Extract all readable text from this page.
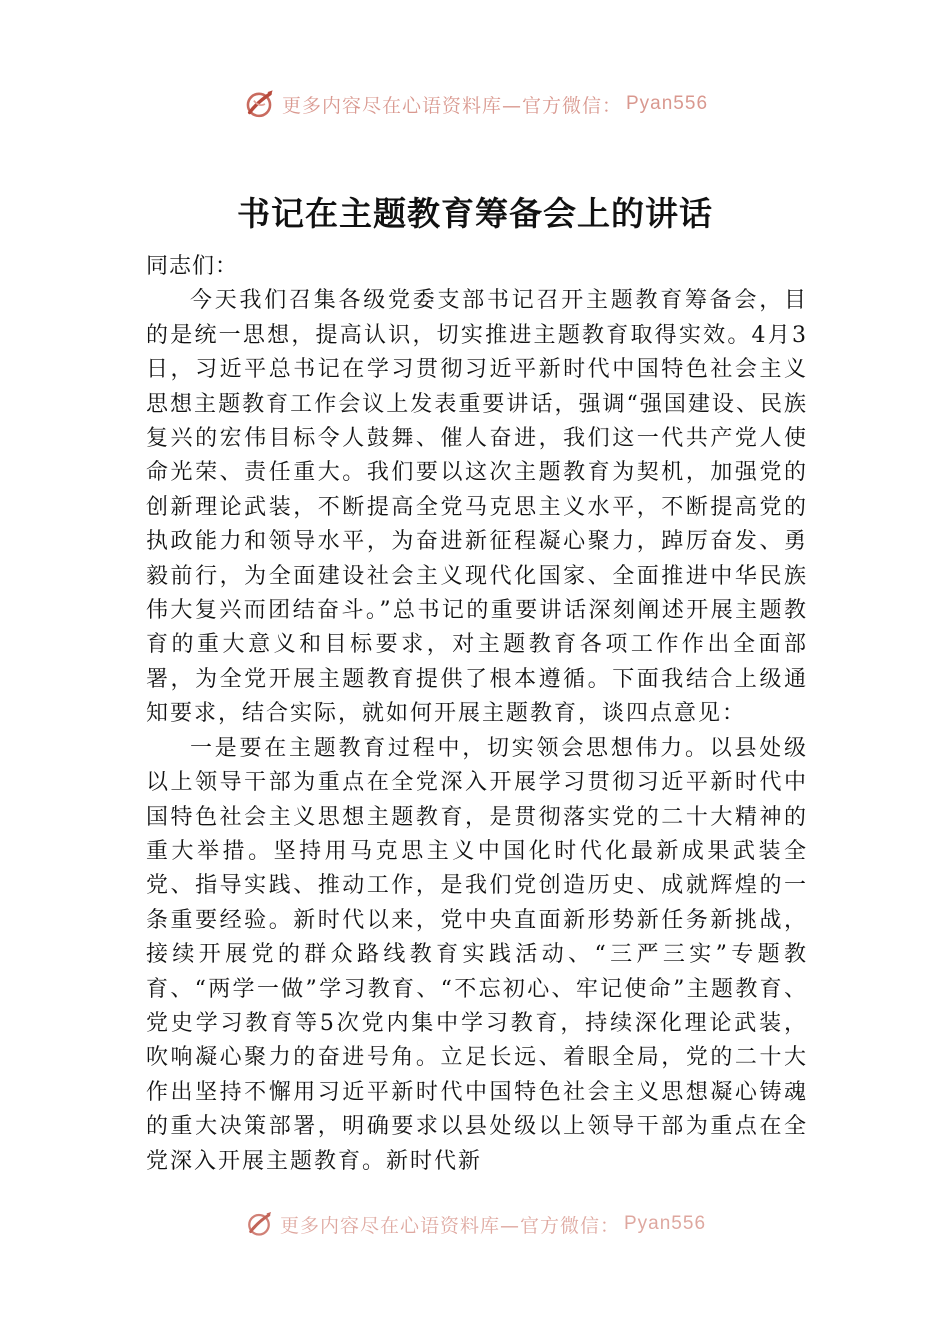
更多内容尽在心语资料库—官方微信： Pyan556
书记在主题教育筹备会上的讲话

同志们：

今天我们召集各级党委支部书记召开主题教育筹备会，目的是统一思想，提高认识，切实推进主题教育取得实效。4月3日，习近平总书记在学习贯彻习近平新时代中国特色社会主义思想主题教育工作会议上发表重要讲话，强调“强国建设、民族复兴的宏伟目标令人鼓舞、催人奋进，我们这一代共产党人使命光荣、责任重大。我们要以这次主题教育为契机，加强党的创新理论武装，不断提高全党马克思主义水平，不断提高党的执政能力和领导水平，为奋进新征程凝心聚力，踔厉奋发、勇毅前行，为全面建设社会主义现代化国家、全面推进中华民族伟大复兴而团结奋斗。”总书记的重要讲话深刻阐述开展主题教育的重大意义和目标要求，对主题教育各项工作作出全面部署，为全党开展主题教育提供了根本遵循。下面我结合上级通知要求，结合实际，就如何开展主题教育，谈四点意见：

一是要在主题教育过程中，切实领会思想伟力。以县处级以上领导干部为重点在全党深入开展学习贯彻习近平新时代中国特色社会主义思想主题教育，是贯彻落实党的二十大精神的重大举措。坚持用马克思主义中国化时代化最新成果武装全党、指导实践、推动工作，是我们党创造历史、成就辉煌的一条重要经验。新时代以来，党中央直面新形势新任务新挑战，接续开展党的群众路线教育实践活动、“三严三实”专题教育、“两学一做”学习教育、“不忘初心、牢记使命”主题教育、党史学习教育等5次党内集中学习教育，持续深化理论武装，吹响凝心聚力的奋进号角。立足长远、着眼全局，党的二十大作出坚持不懈用习近平新时代中国特色社会主义思想凝心铸魂的重大决策部署，明确要求以县处级以上领导干部为重点在全党深入开展主题教育。新时代新

更多内容尽在心语资料库—官方微信： Pyan556
